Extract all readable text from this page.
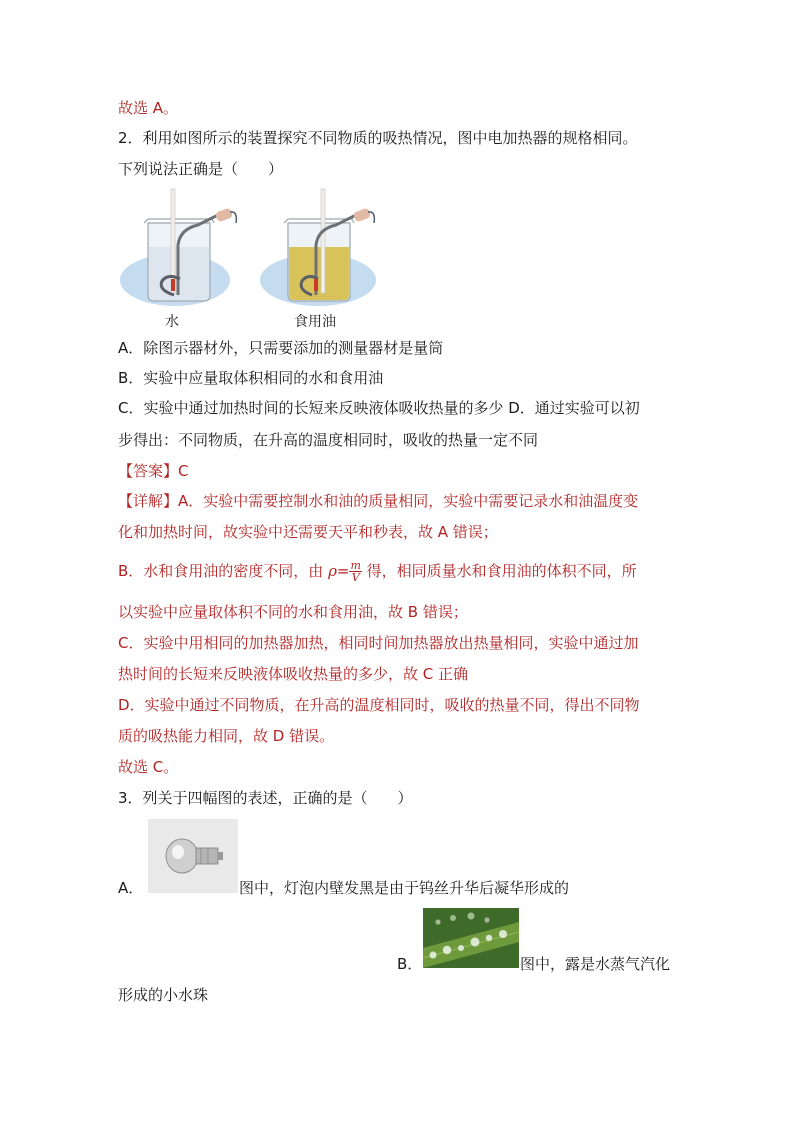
故选 A。
2．利用如图所示的装置探究不同物质的吸热情况，图中电加热器的规格相同。
下列说法正确是（　　）
水	食用油
A．除图示器材外，只需要添加的测量器材是量筒
B．实验中应量取体积相同的水和食用油
C．实验中通过加热时间的长短来反映液体吸收热量的多少 D．通过实验可以初
步得出：不同物质，在升高的温度相同时，吸收的热量一定不同
【答案】C
【详解】A．实验中需要控制水和油的质量相同，实验中需要记录水和油温度变
化和加热时间，故实验中还需要天平和秒表，故 A 错误；
B．水和食用油的密度不同，由 $\rho= \frac{m}{V}$ 得，相同质量水和食用油的体积不同，所
以实验中应量取体积不同的水和食用油，故 B 错误；
C．实验中用相同的加热器加热，相同时间加热器放出热量相同，实验中通过加
热时间的长短来反映液体吸收热量的多少，故 C 正确
D．实验中通过不同物质，在升高的温度相同时，吸收的热量不同，得出不同物
质的吸热能力相同，故 D 错误。
故选 C。
3．列关于四幅图的表述，正确的是（　　）
A．	图中，灯泡内壁发黑是由于钨丝升华后凝华形成的
B．	图中，露是水蒸气汽化
形成的小水珠
